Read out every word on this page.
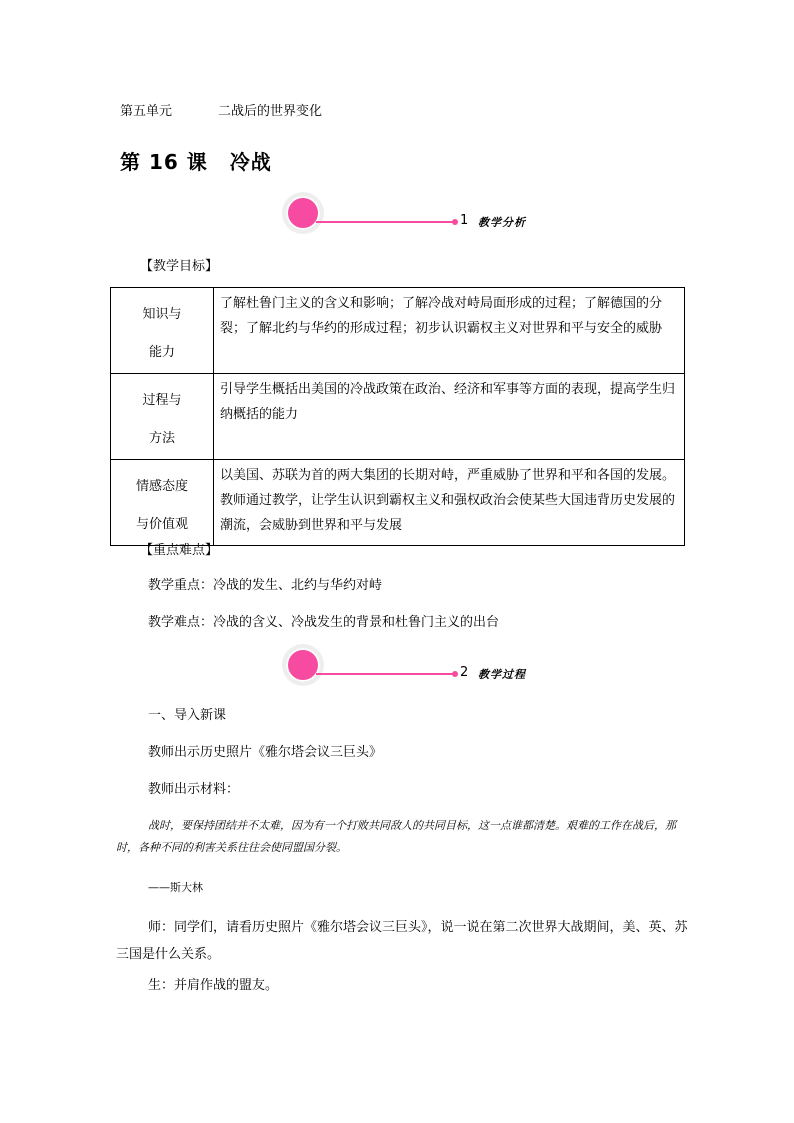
第五单元	二战后的世界变化
第 16 课 冷战
1 教学分析
【教学目标】
知识与
能力	了解杜鲁门主义的含义和影响；了解冷战对峙局面形成的过程；了解德国的分裂；了解北约与华约的形成过程；初步认识霸权主义对世界和平与安全的威胁

过程与
方法	引导学生概括出美国的冷战政策在政治、经济和军事等方面的表现，提高学生归纳概括的能力

情感态度
与价值观	以美国、苏联为首的两大集团的长期对峙，严重威胁了世界和平和各国的发展。教师通过教学，让学生认识到霸权主义和强权政治会使某些大国违背历史发展的潮流，会威胁到世界和平与发展
【重点难点】
教学重点：冷战的发生、北约与华约对峙
教学难点：冷战的含义、冷战发生的背景和杜鲁门主义的出台
2 教学过程
一、导入新课
教师出示历史照片《雅尔塔会议三巨头》
教师出示材料：
战时，要保持团结并不太难，因为有一个打败共同敌人的共同目标，这一点谁都清楚。艰难的工作在战后，那时，各种不同的利害关系往往会使同盟国分裂。
——斯大林
师：同学们，请看历史照片《雅尔塔会议三巨头》，说一说在第二次世界大战期间，美、英、苏三国是什么关系。
生：并肩作战的盟友。
